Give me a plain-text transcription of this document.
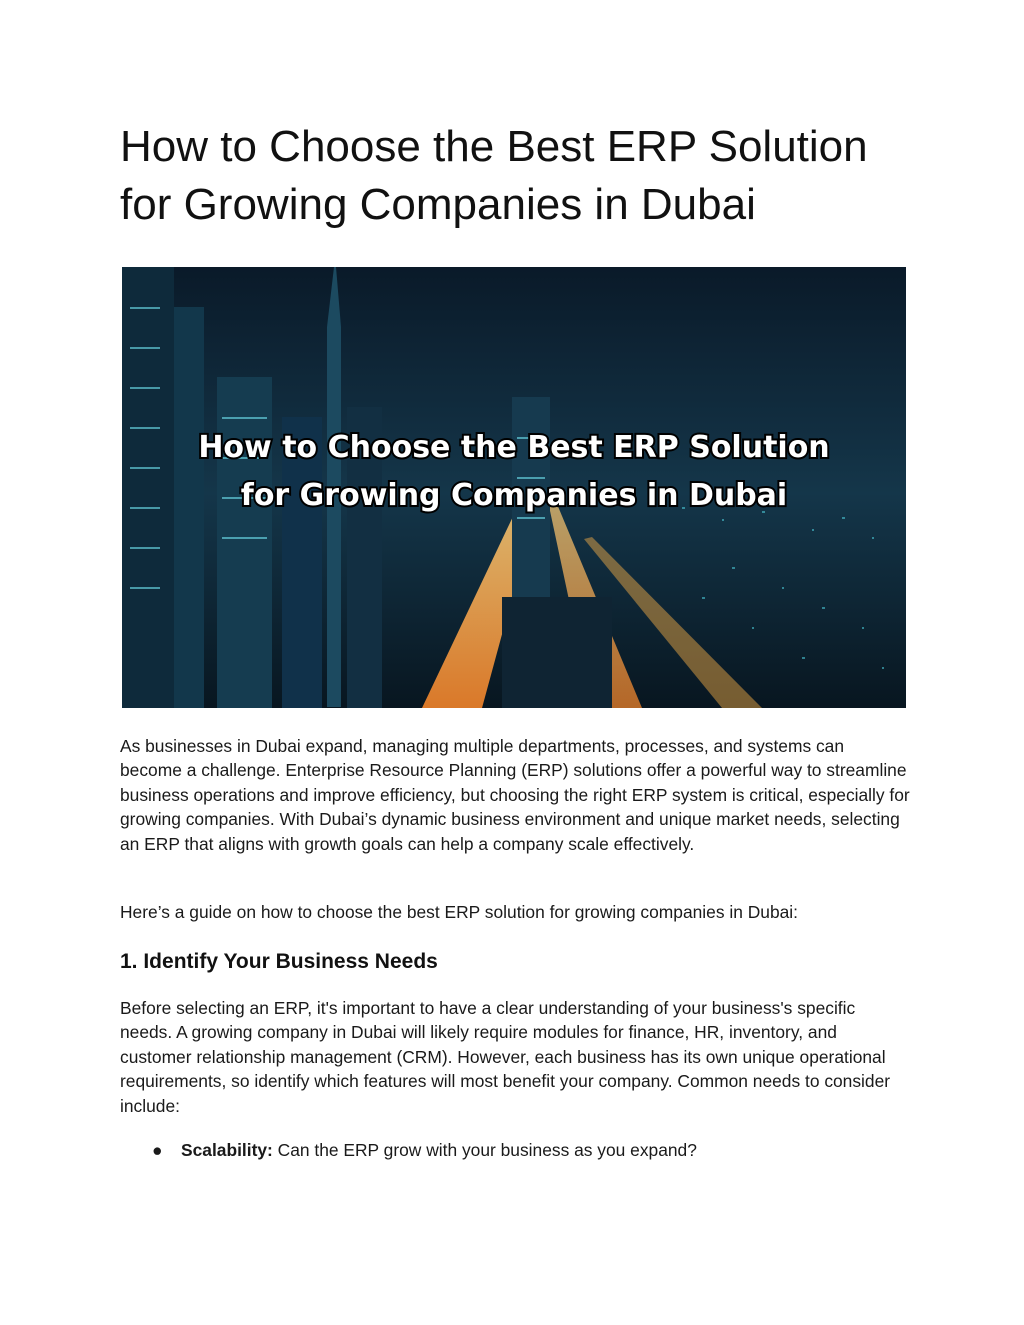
How to Choose the Best ERP Solution for Growing Companies in Dubai
How to Choose the Best ERP Solution
for Growing Companies in Dubai

As businesses in Dubai expand, managing multiple departments, processes, and systems can become a challenge. Enterprise Resource Planning (ERP) solutions offer a powerful way to streamline business operations and improve efficiency, but choosing the right ERP system is critical, especially for growing companies. With Dubai’s dynamic business environment and unique market needs, selecting an ERP that aligns with growth goals can help a company scale effectively.

Here’s a guide on how to choose the best ERP solution for growing companies in Dubai:

1. Identify Your Business Needs

Before selecting an ERP, it's important to have a clear understanding of your business's specific needs. A growing company in Dubai will likely require modules for finance, HR, inventory, and customer relationship management (CRM). However, each business has its own unique operational requirements, so identify which features will most benefit your company. Common needs to consider include:

● Scalability: Can the ERP grow with your business as you expand?
